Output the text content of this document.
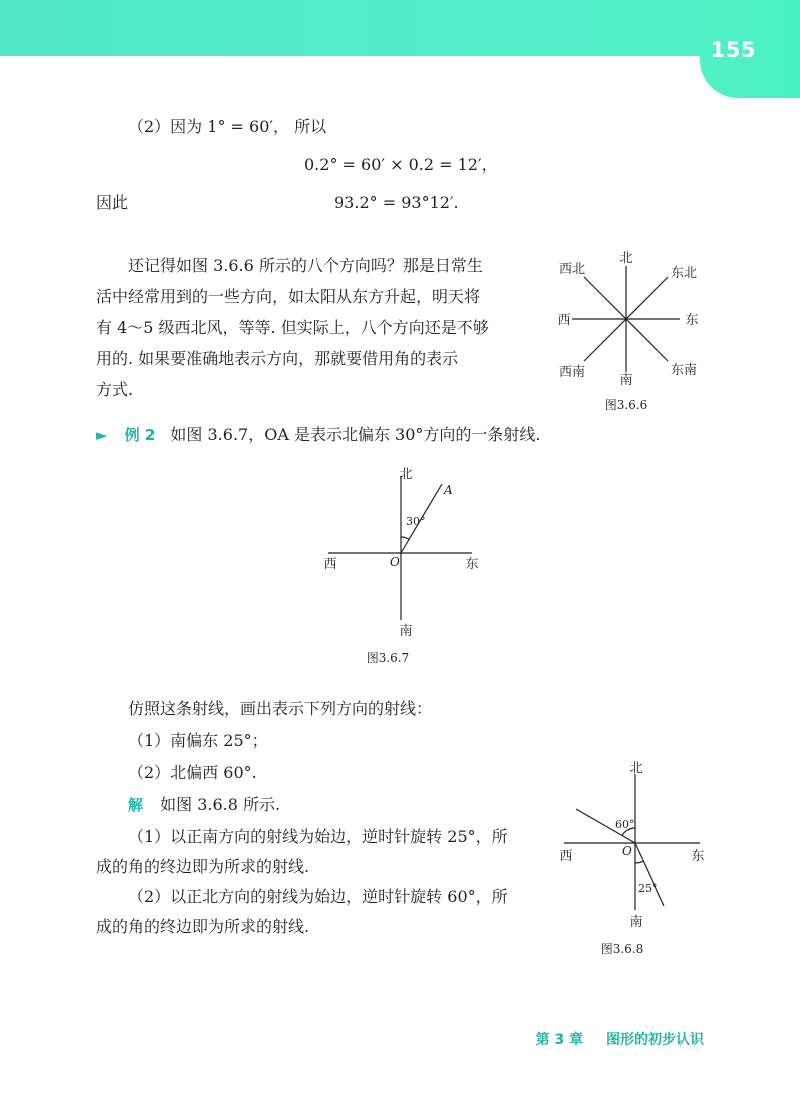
155
（2）因为 1° = 60′， 所以
0.2° = 60′ × 0.2 = 12′，
因此	93.2° = 93°12′.
还记得如图 3.6.6 所示的八个方向吗？那是日常生
活中经常用到的一些方向，如太阳从东方升起，明天将
有 4～5 级西北风，等等. 但实际上，八个方向还是不够
用的. 如果要准确地表示方向，那就要借用角的表示
方式.
北
南
东
西
西北	东北
西南	东南
图3.6.6
► 例 2 如图 3.6.7，OA 是表示北偏东 30°方向的一条射线.
北
南
东
西	O
A
30°
图3.6.7
仿照这条射线，画出表示下列方向的射线：
（1）南偏东 25°；
（2）北偏西 60°.
解 如图 3.6.8 所示.
（1）以正南方向的射线为始边，逆时针旋转 25°，所
成的角的终边即为所求的射线.
（2）以正北方向的射线为始边，逆时针旋转 60°，所
成的角的终边即为所求的射线.
北
南
东
西	O
60°
25°
图3.6.8
第 3 章 图形的初步认识
